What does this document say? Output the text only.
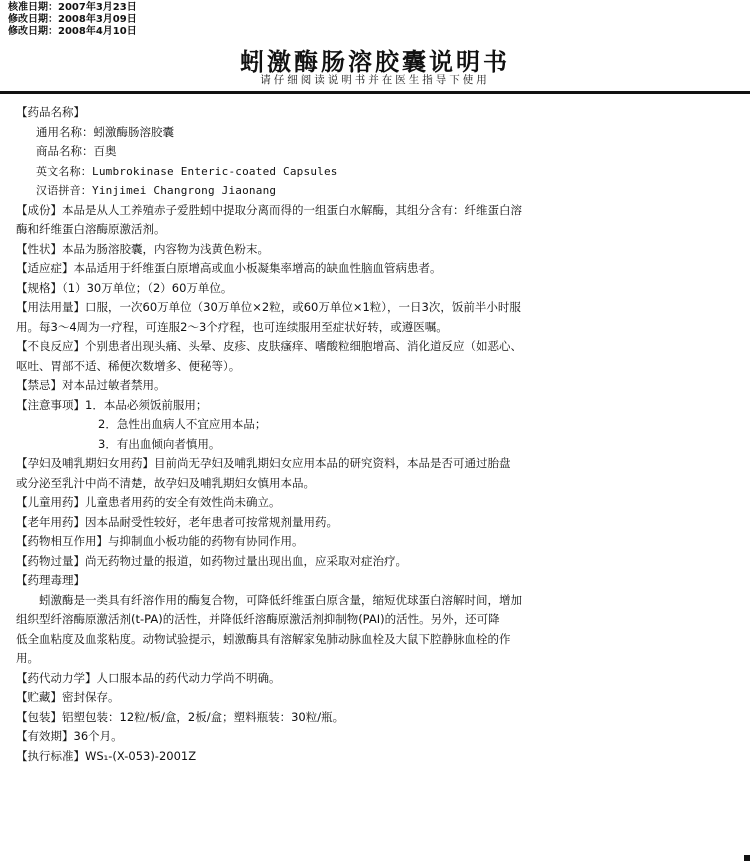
核准日期：2007年3月23日
修改日期：2008年3月09日
修改日期：2008年4月10日
蚓激酶肠溶胶囊说明书
请仔细阅读说明书并在医生指导下使用
【药品名称】
通用名称：蚓激酶肠溶胶囊
商品名称：百奥
英文名称：Lumbrokinase Enteric-coated Capsules
汉语拼音：Yinjimei Changrong Jiaonang
【成份】本品是从人工养殖赤子爱胜蚓中提取分离而得的一组蛋白水解酶，其组分含有：纤维蛋白溶
酶和纤维蛋白溶酶原激活剂。
【性状】本品为肠溶胶囊，内容物为浅黄色粉末。
【适应症】本品适用于纤维蛋白原增高或血小板凝集率增高的缺血性脑血管病患者。
【规格】（1）30万单位；（2）60万单位。
【用法用量】口服，一次60万单位（30万单位×2粒，或60万单位×1粒），一日3次，饭前半小时服
用。每3～4周为一疗程，可连服2～3个疗程，也可连续服用至症状好转，或遵医嘱。
【不良反应】个别患者出现头痛、头晕、皮疹、皮肤瘙痒、嗜酸粒细胞增高、消化道反应（如恶心、
呕吐、胃部不适、稀便次数增多、便秘等）。
【禁忌】对本品过敏者禁用。
【注意事项】1．本品必须饭前服用；
2．急性出血病人不宜应用本品；
3．有出血倾向者慎用。
【孕妇及哺乳期妇女用药】目前尚无孕妇及哺乳期妇女应用本品的研究资料，本品是否可通过胎盘
或分泌至乳汁中尚不清楚，故孕妇及哺乳期妇女慎用本品。
【儿童用药】儿童患者用药的安全有效性尚未确立。
【老年用药】因本品耐受性较好，老年患者可按常规剂量用药。
【药物相互作用】与抑制血小板功能的药物有协同作用。
【药物过量】尚无药物过量的报道，如药物过量出现出血，应采取对症治疗。
【药理毒理】
蚓激酶是一类具有纤溶作用的酶复合物，可降低纤维蛋白原含量，缩短优球蛋白溶解时间，增加
组织型纤溶酶原激活剂(t-PA)的活性，并降低纤溶酶原激活剂抑制物(PAI)的活性。另外，还可降
低全血粘度及血浆粘度。动物试验提示，蚓激酶具有溶解家兔肺动脉血栓及大鼠下腔静脉血栓的作
用。
【药代动力学】人口服本品的药代动力学尚不明确。
【贮藏】密封保存。
【包装】铝塑包装：12粒/板/盒，2板/盒；塑料瓶装：30粒/瓶。
【有效期】36个月。
【执行标准】WS₁-(X-053)-2001Z
